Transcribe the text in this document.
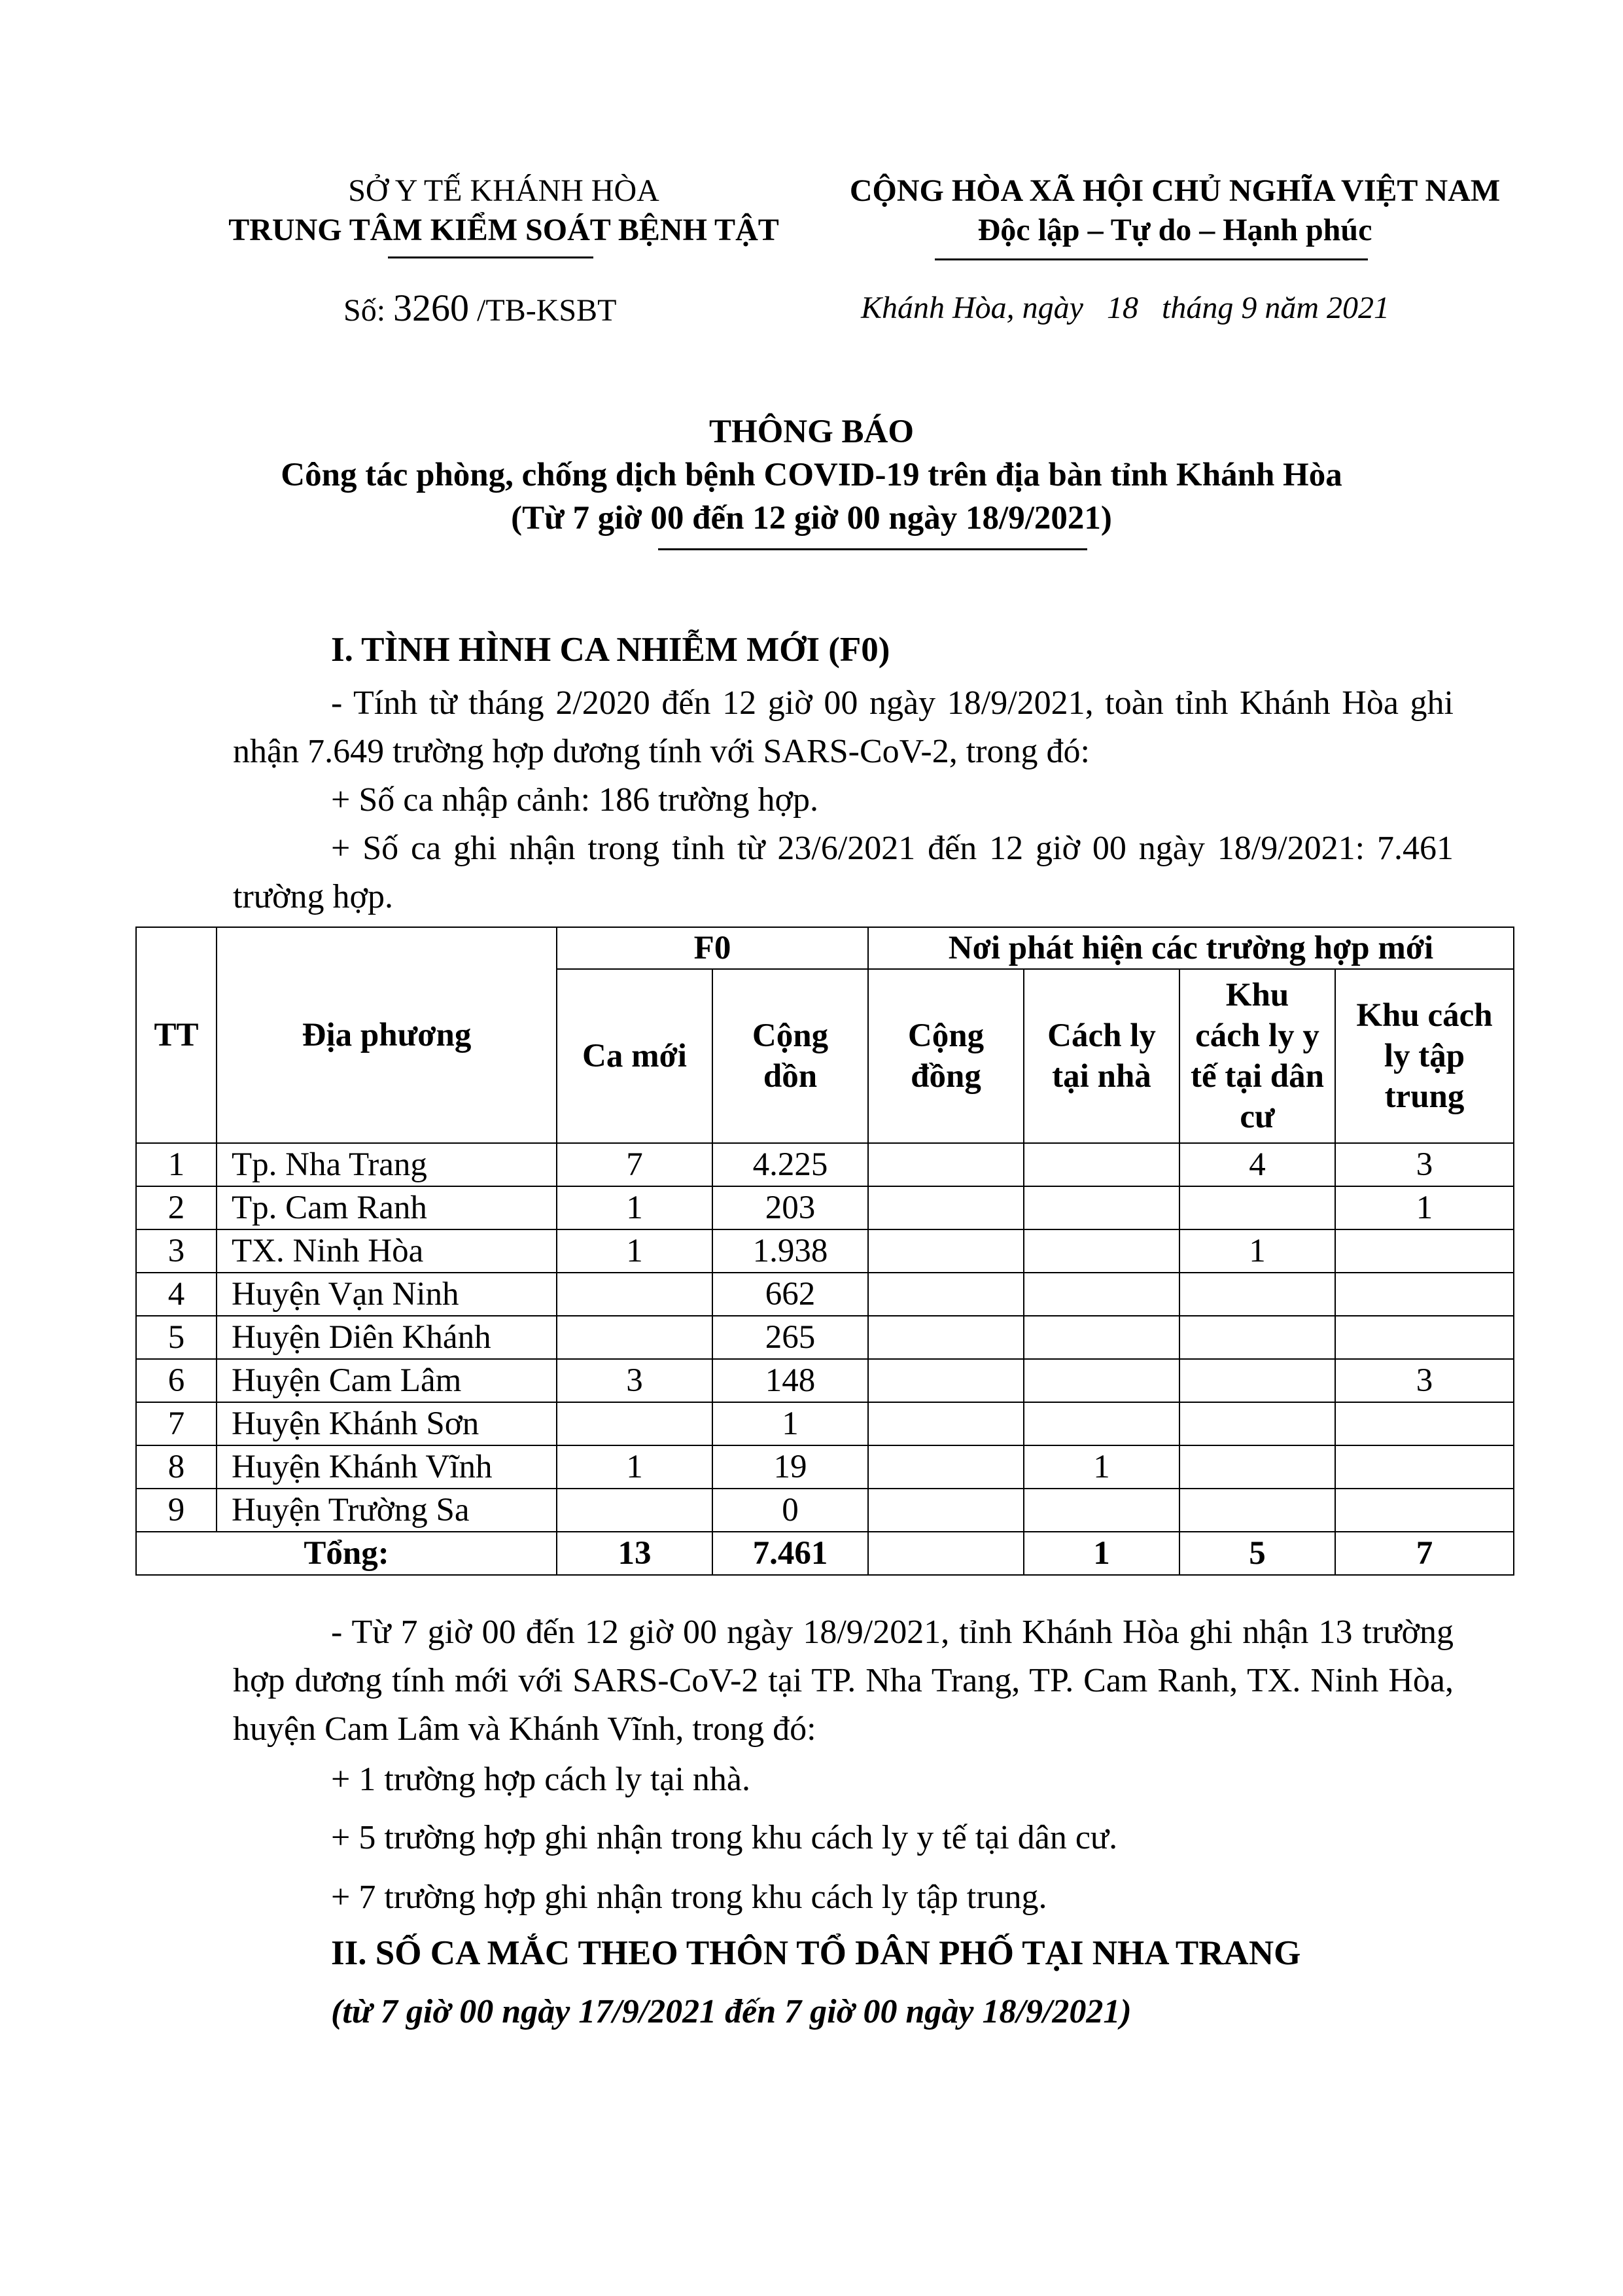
SỞ Y TẾ KHÁNH HÒA
TRUNG TÂM KIỂM SOÁT BỆNH TẬT
CỘNG HÒA XÃ HỘI CHỦ NGHĨA VIỆT NAM
Độc lập – Tự do – Hạnh phúc
Số: 3260 /TB-KSBT	Khánh Hòa, ngày   18   tháng 9 năm 2021
THÔNG BÁO
Công tác phòng, chống dịch bệnh COVID-19 trên địa bàn tỉnh Khánh Hòa
(Từ 7 giờ 00 đến 12 giờ 00 ngày 18/9/2021)
I. TÌNH HÌNH CA NHIỄM MỚI (F0)
- Tính từ tháng 2/2020 đến 12 giờ 00 ngày 18/9/2021, toàn tỉnh Khánh Hòa ghi nhận 7.649 trường hợp dương tính với SARS-CoV-2, trong đó:
+ Số ca nhập cảnh: 186 trường hợp.
+ Số ca ghi nhận trong tỉnh từ 23/6/2021 đến 12 giờ 00 ngày 18/9/2021: 7.461 trường hợp.
TT	Địa phương	F0		Nơi phát hiện các trường hợp mới			
		Ca mới	Cộng dồn	Cộng đồng	Cách ly tại nhà	Khu cách ly y tế tại dân cư	Khu cách ly tập trung
1	Tp. Nha Trang	7	4.225			4	3
2	Tp. Cam Ranh	1	203				1
3	TX. Ninh Hòa	1	1.938			1	
4	Huyện Vạn Ninh		662				
5	Huyện Diên Khánh		265				
6	Huyện Cam Lâm	3	148				3
7	Huyện Khánh Sơn		1				
8	Huyện Khánh Vĩnh	1	19		1		
9	Huyện Trường Sa		0				
Tổng:		13	7.461		1	5	7
- Từ 7 giờ 00 đến 12 giờ 00 ngày 18/9/2021, tỉnh Khánh Hòa ghi nhận 13 trường hợp dương tính mới với SARS-CoV-2 tại TP. Nha Trang, TP. Cam Ranh, TX. Ninh Hòa, huyện Cam Lâm và Khánh Vĩnh, trong đó:
+ 1 trường hợp cách ly tại nhà.
+ 5 trường hợp ghi nhận trong khu cách ly y tế tại dân cư.
+ 7 trường hợp ghi nhận trong khu cách ly tập trung.
II. SỐ CA MẮC THEO THÔN TỔ DÂN PHỐ TẠI NHA TRANG
(từ 7 giờ 00 ngày 17/9/2021 đến 7 giờ 00 ngày 18/9/2021)
